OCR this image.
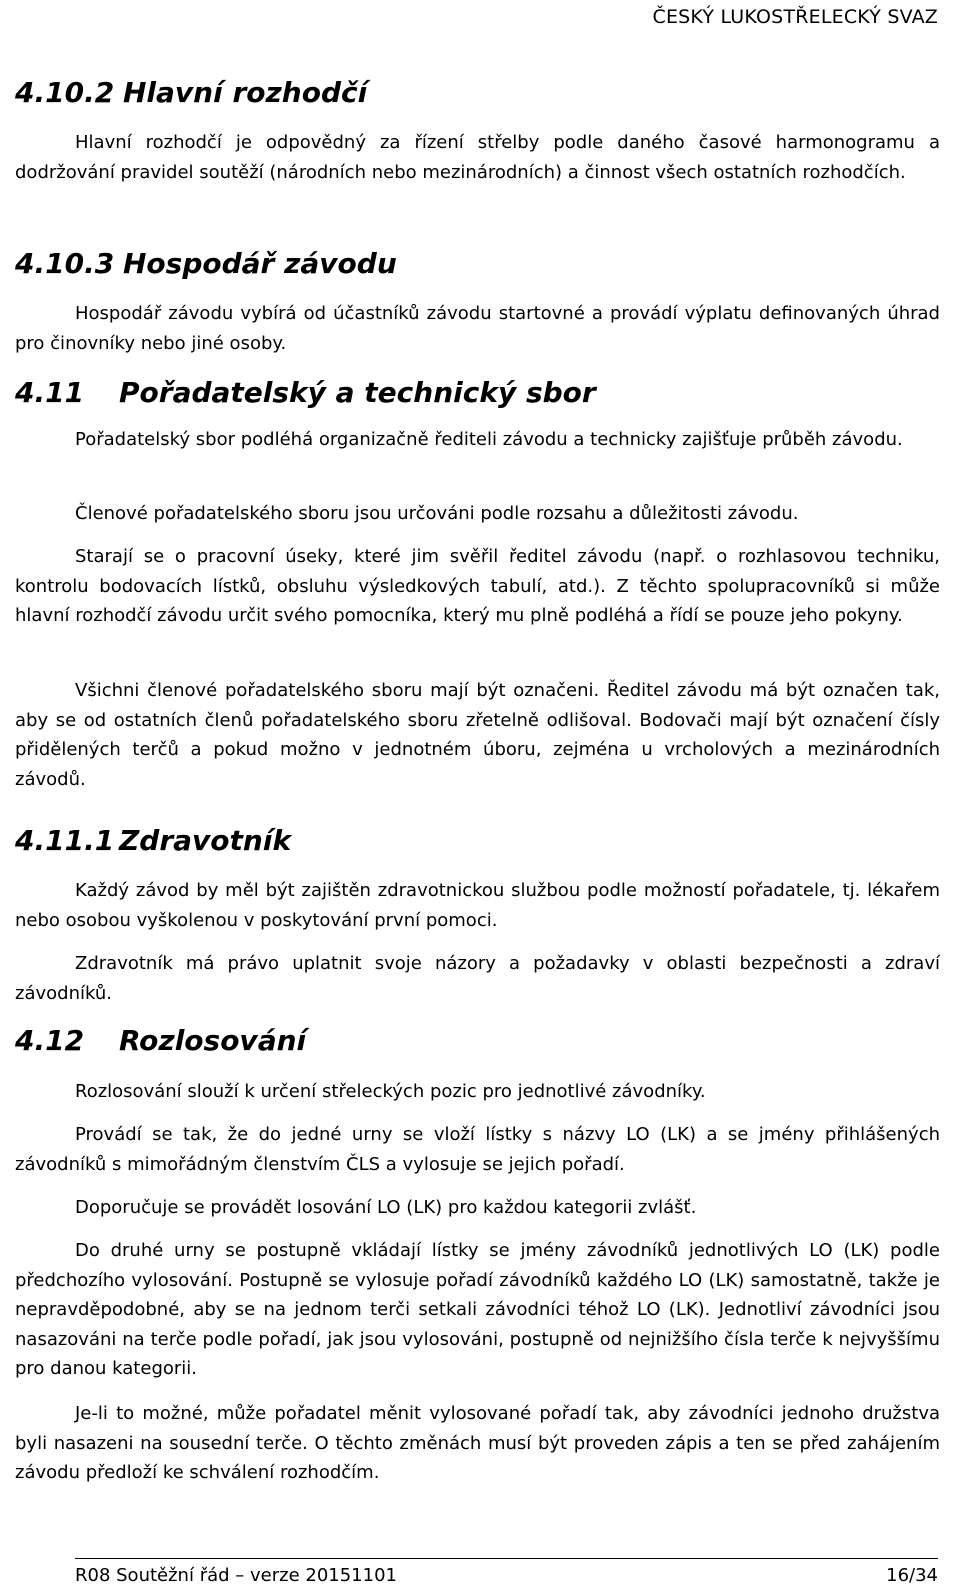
ČESKÝ LUKOSTŘELECKÝ SVAZ
4.10.2 Hlavní rozhodčí

Hlavní rozhodčí je odpovědný za řízení střelby podle daného časové harmonogramu a dodržování pravidel soutěží (národních nebo mezinárodních) a činnost všech ostatních rozhodčích.

4.10.3 Hospodář závodu

Hospodář závodu vybírá od účastníků závodu startovné a provádí výplatu definovaných úhrad pro činovníky nebo jiné osoby.

4.11 Pořadatelský a technický sbor

Pořadatelský sbor podléhá organizačně řediteli závodu a technicky zajišťuje průběh závodu.

Členové pořadatelského sboru jsou určováni podle rozsahu a důležitosti závodu.

Starají se o pracovní úseky, které jim svěřil ředitel závodu (např. o rozhlasovou techniku, kontrolu bodovacích lístků, obsluhu výsledkových tabulí, atd.). Z těchto spolupracovníků si může hlavní rozhodčí závodu určit svého pomocníka, který mu plně podléhá a řídí se pouze jeho pokyny.

Všichni členové pořadatelského sboru mají být označeni. Ředitel závodu má být označen tak, aby se od ostatních členů pořadatelského sboru zřetelně odlišoval. Bodovači mají být označení čísly přidělených terčů a pokud možno v jednotném úboru, zejména u vrcholových a mezinárodních závodů.

4.11.1 Zdravotník

Každý závod by měl být zajištěn zdravotnickou službou podle možností pořadatele, tj. lékařem nebo osobou vyškolenou v poskytování první pomoci.

Zdravotník má právo uplatnit svoje názory a požadavky v oblasti bezpečnosti a zdraví závodníků.

4.12 Rozlosování

Rozlosování slouží k určení střeleckých pozic pro jednotlivé závodníky.

Provádí se tak, že do jedné urny se vloží lístky s názvy LO (LK) a se jmény přihlášených závodníků s mimořádným členstvím ČLS a vylosuje se jejich pořadí.

Doporučuje se provádět losování LO (LK) pro každou kategorii zvlášť.

Do druhé urny se postupně vkládají lístky se jmény závodníků jednotlivých LO (LK) podle předchozího vylosování. Postupně se vylosuje pořadí závodníků každého LO (LK) samostatně, takže je nepravděpodobné, aby se na jednom terči setkali závodníci téhož LO (LK). Jednotliví závodníci jsou nasazováni na terče podle pořadí, jak jsou vylosováni, postupně od nejnižšího čísla terče k nejvyššímu pro danou kategorii.

Je-li to možné, může pořadatel měnit vylosované pořadí tak, aby závodníci jednoho družstva byli nasazeni na sousední terče. O těchto změnách musí být proveden zápis a ten se před zahájením závodu předloží ke schválení rozhodčím.

R08 Soutěžní řád – verze 20151101	16/34
